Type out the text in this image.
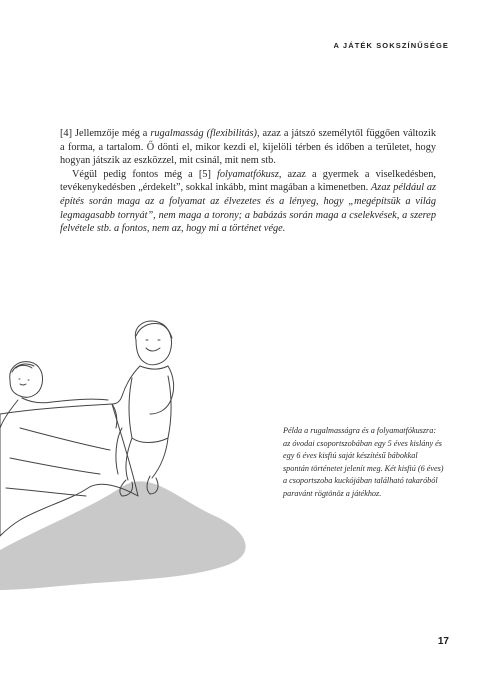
A JÁTÉK SOKSZÍNŰSÉGE

[4] Jellemzője még a rugalmasság (flexibilitás), azaz a játszó személytől függően változik a forma, a tartalom. Ő dönti el, mikor kezdi el, kijelöli térben és időben a területet, hogy hogyan játszik az eszközzel, mit csinál, mit nem stb.

Végül pedig fontos még a [5] folyamatfókusz, azaz a gyermek a viselkedésben, tevékenykedésben „érdekelt”, sokkal inkább, mint magában a kimenetben. Azaz például az építés során maga az a folyamat az élvezetes és a lényeg, hogy „megépítsük a világ legmagasabb tornyát”, nem maga a torony; a babázás során maga a cselekvések, a szerep felvétele stb. a fontos, nem az, hogy mi a történet vége.

Példa a rugalmasságra és a folyamatfókuszra: az óvodai csoportszobában egy 5 éves kislány és egy 6 éves kisfiú saját készítésű bábokkal spontán történetet jelenít meg. Két kisfiú (6 éves) a csoportszoba kuckójában található takaróból paravánt rögtönöz a játékhoz.
17
